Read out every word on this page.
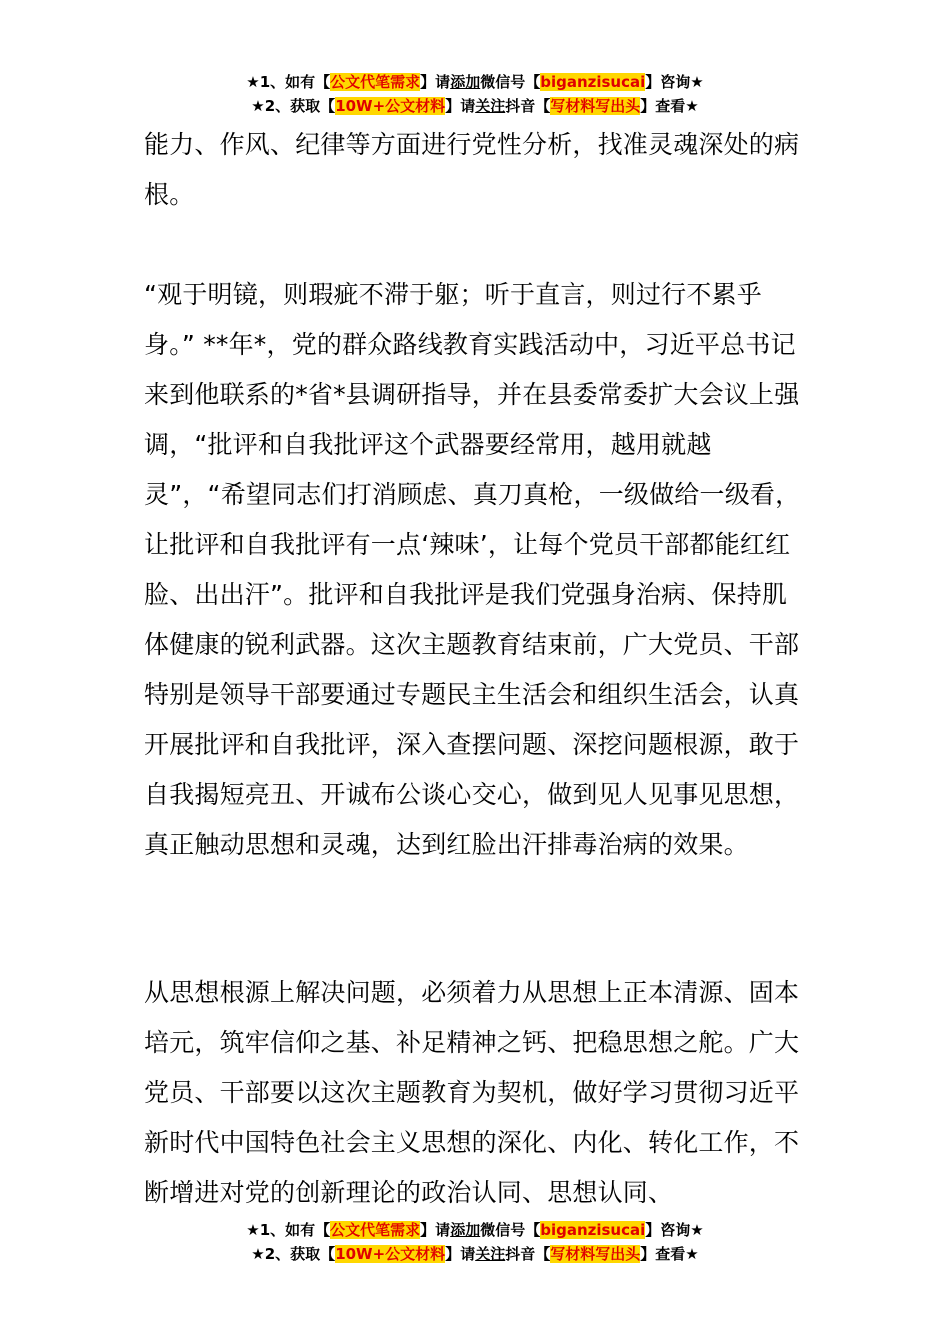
★1、如有【公文代笔需求】请添加微信号【biganzisucai】咨询★
★2、获取【10W+公文材料】请关注抖音【写材料写出头】查看★

能力、作风、纪律等方面进行党性分析，找准灵魂深处的病根。

“观于明镜，则瑕疵不滞于躯；听于直言，则过行不累乎身。” **年*，党的群众路线教育实践活动中，习近平总书记来到他联系的*省*县调研指导，并在县委常委扩大会议上强调，“批评和自我批评这个武器要经常用，越用就越灵”，“希望同志们打消顾虑、真刀真枪，一级做给一级看，让批评和自我批评有一点‘辣味’，让每个党员干部都能红红脸、出出汗”。批评和自我批评是我们党强身治病、保持肌体健康的锐利武器。这次主题教育结束前，广大党员、干部特别是领导干部要通过专题民主生活会和组织生活会，认真开展批评和自我批评，深入查摆问题、深挖问题根源，敢于自我揭短亮丑、开诚布公谈心交心，做到见人见事见思想，真正触动思想和灵魂，达到红脸出汗排毒治病的效果。

从思想根源上解决问题，必须着力从思想上正本清源、固本培元，筑牢信仰之基、补足精神之钙、把稳思想之舵。广大党员、干部要以这次主题教育为契机，做好学习贯彻习近平新时代中国特色社会主义思想的深化、内化、转化工作，不断增进对党的创新理论的政治认同、思想认同、

★1、如有【公文代笔需求】请添加微信号【biganzisucai】咨询★
★2、获取【10W+公文材料】请关注抖音【写材料写出头】查看★
